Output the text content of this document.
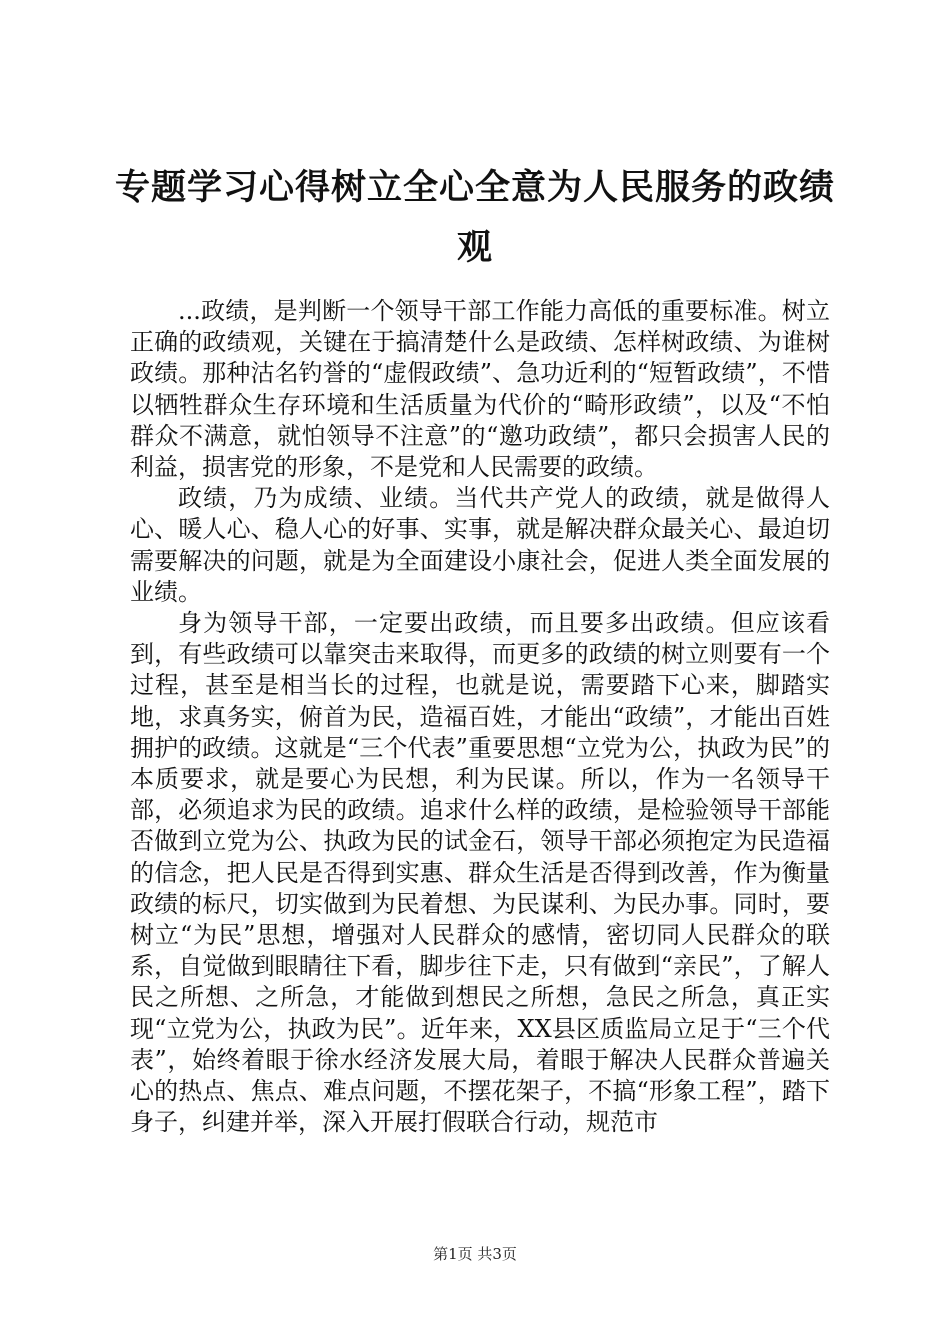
专题学习心得树立全心全意为人民服务的政绩观

...政绩，是判断一个领导干部工作能力高低的重要标准。树立正确的政绩观，关键在于搞清楚什么是政绩、怎样树政绩、为谁树政绩。那种沽名钓誉的“虚假政绩”、急功近利的“短暂政绩”，不惜以牺牲群众生存环境和生活质量为代价的“畸形政绩”，以及“不怕群众不满意，就怕领导不注意”的“邀功政绩”，都只会损害人民的利益，损害党的形象，不是党和人民需要的政绩。

政绩，乃为成绩、业绩。当代共产党人的政绩，就是做得人心、暖人心、稳人心的好事、实事，就是解决群众最关心、最迫切需要解决的问题，就是为全面建设小康社会，促进人类全面发展的业绩。

身为领导干部，一定要出政绩，而且要多出政绩。但应该看到，有些政绩可以靠突击来取得，而更多的政绩的树立则要有一个过程，甚至是相当长的过程，也就是说，需要踏下心来，脚踏实地，求真务实，俯首为民，造福百姓，才能出“政绩”，才能出百姓拥护的政绩。这就是“三个代表”重要思想“立党为公，执政为民”的本质要求，就是要心为民想，利为民谋。所以，作为一名领导干部，必须追求为民的政绩。追求什么样的政绩，是检验领导干部能否做到立党为公、执政为民的试金石，领导干部必须抱定为民造福的信念，把人民是否得到实惠、群众生活是否得到改善，作为衡量政绩的标尺，切实做到为民着想、为民谋利、为民办事。同时，要树立“为民”思想，增强对人民群众的感情，密切同人民群众的联系，自觉做到眼睛往下看，脚步往下走，只有做到“亲民”，了解人民之所想、之所急，才能做到想民之所想，急民之所急，真正实现“立党为公，执政为民”。近年来，XX县区质监局立足于“三个代表”，始终着眼于徐水经济发展大局，着眼于解决人民群众普遍关心的热点、焦点、难点问题，不摆花架子，不搞“形象工程”，踏下身子，纠建并举，深入开展打假联合行动，规范市

第1页 共3页
